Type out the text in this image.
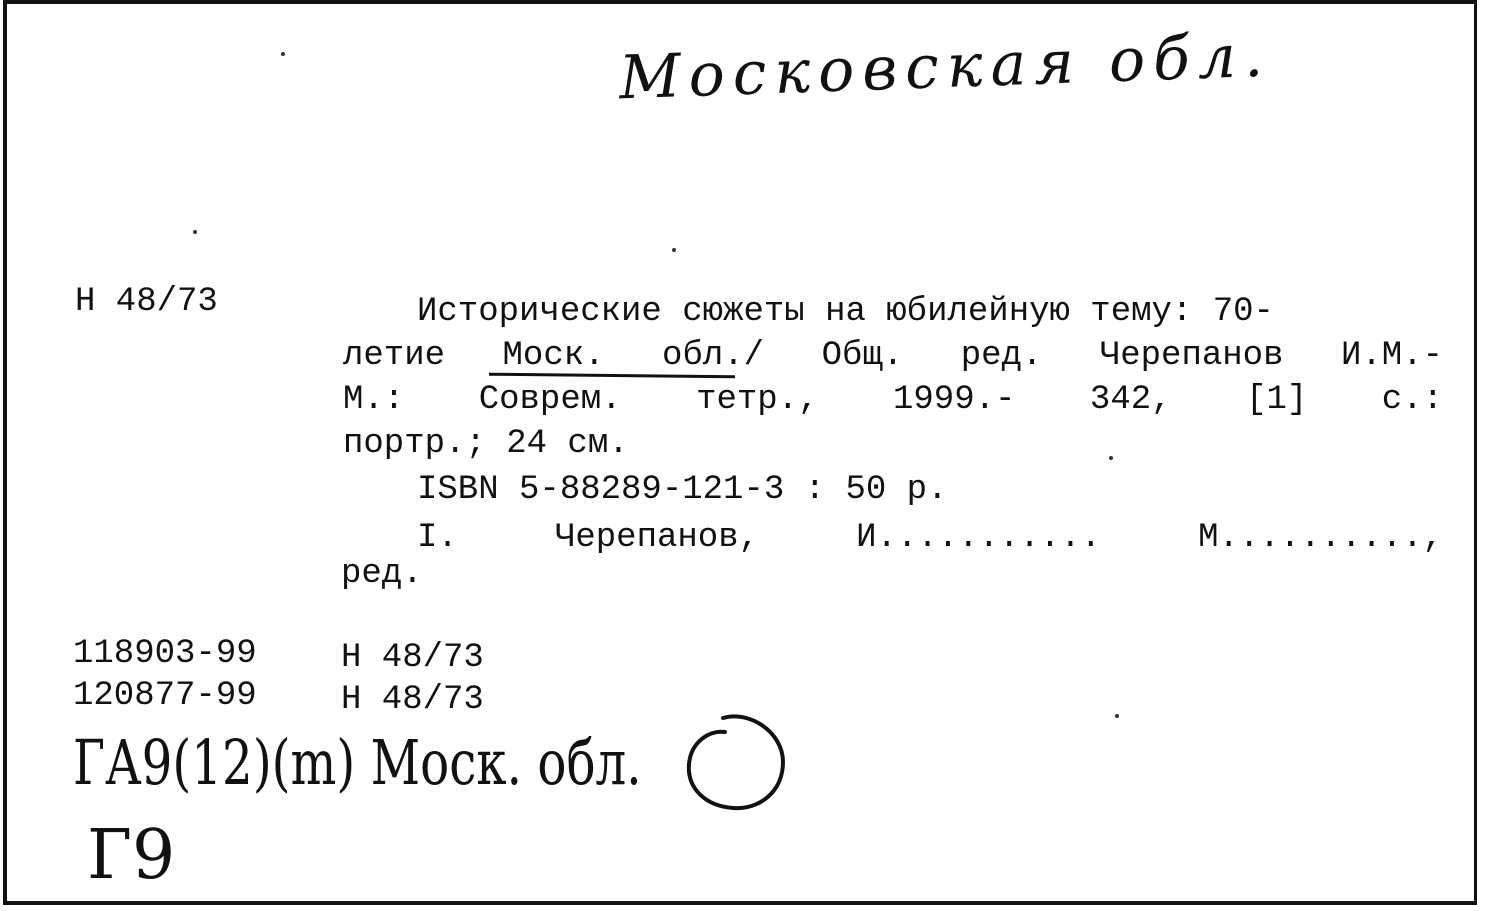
Московская обл.
Н 48/73	Исторические сюжеты на юбилейную тему: 70-
летие Моск. обл./ Общ. ред. Черепанов И.М.-
М.: Соврем. тетр., 1999.- 342, [1] с.:
портр.; 24 см.
ISBN 5-88289-121-3 : 50 р.
I. Черепанов, И........... М..........,
ред.
118903-99 Н 48/73
120877-99 Н 48/73
ГА9(12)(m) Моск. обл.
Г9
